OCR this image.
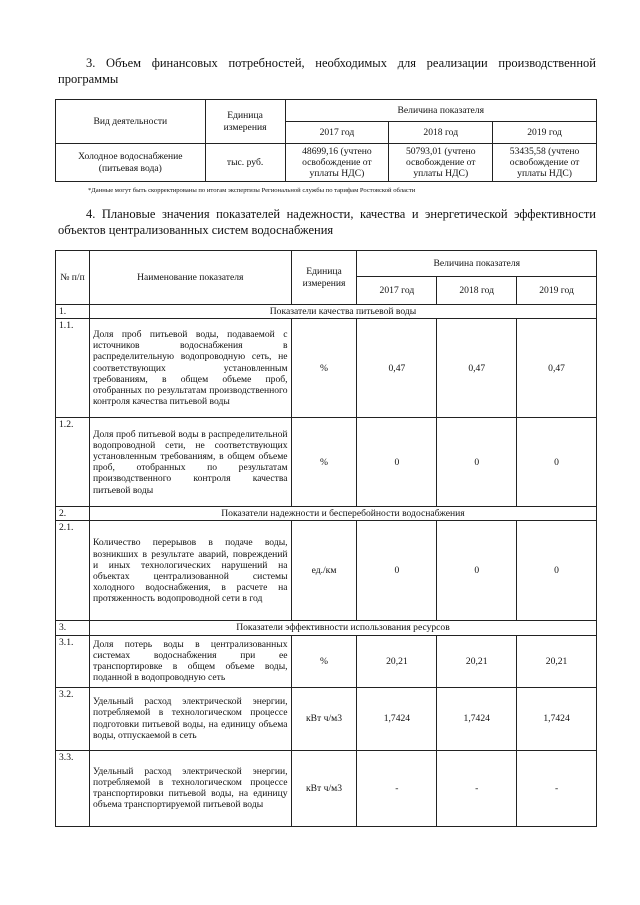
3. Объем финансовых потребностей, необходимых для реализации производственной программы
Вид деятельности	Единица измерения	Величина показателя		
		2017 год	2018 год	2019 год
Холодное водоснабжение (питьевая вода)	тыс. руб.	48699,16 (учтено освобождение от уплаты НДС)	50793,01 (учтено освобождение от уплаты НДС)	53435,58 (учтено освобождение от уплаты НДС)
*Данные могут быть скорректированы по итогам экспертизы Региональной службы по тарифам Ростовской области
4. Плановые значения показателей надежности, качества и энергетической эффективности объектов централизованных систем водоснабжения
№ п/п	Наименование показателя	Единица измерения	Величина показателя		
			2017 год	2018 год	2019 год
1.	Показатели качества питьевой воды				
1.1.	Доля проб питьевой воды, подаваемой с источников водоснабжения в распределительную водопроводную сеть, не соответствующих установленным требованиям, в общем объеме проб, отобранных по результатам производственного контроля качества питьевой воды	%	0,47	0,47	0,47
1.2.	Доля проб питьевой воды в распределительной водопроводной сети, не соответствующих установленным требованиям, в общем объеме проб, отобранных по результатам производственного контроля качества питьевой воды	%	0	0	0
2.	Показатели надежности и бесперебойности водоснабжения				
2.1.	Количество перерывов в подаче воды, возникших в результате аварий, повреждений и иных технологических нарушений на объектах централизованной системы холодного водоснабжения, в расчете на протяженность водопроводной сети в год	ед./км	0	0	0
3.	Показатели эффективности использования ресурсов				
3.1.	Доля потерь воды в централизованных системах водоснабжения при ее транспортировке в общем объеме воды, поданной в водопроводную сеть	%	20,21	20,21	20,21
3.2.	Удельный расход электрической энергии, потребляемой в технологическом процессе подготовки питьевой воды, на единицу объема воды, отпускаемой в сеть	кВт ч/м3	1,7424	1,7424	1,7424
3.3.	Удельный расход электрической энергии, потребляемой в технологическом процессе транспортировки питьевой воды, на единицу объема транспортируемой питьевой воды	кВт ч/м3	-	-	-
